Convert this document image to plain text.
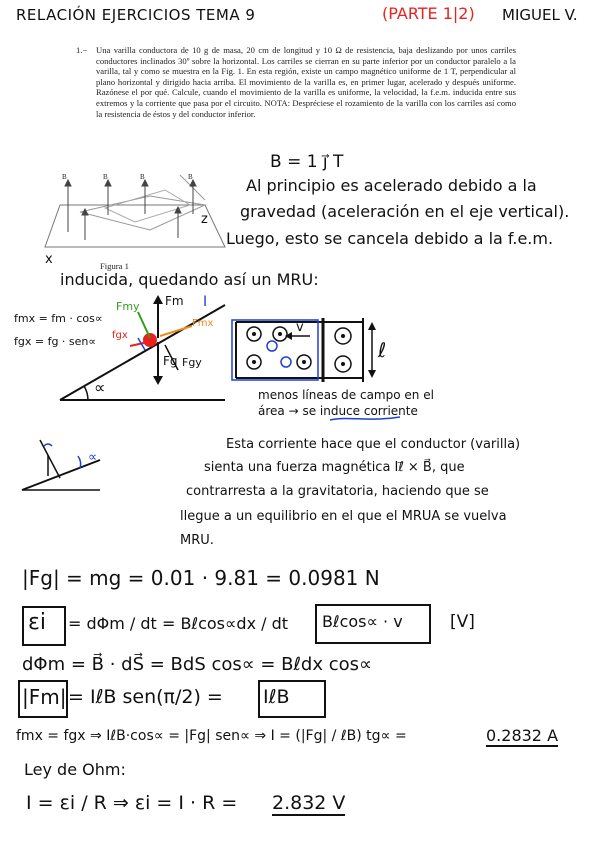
RELACIÓN EJERCICIOS TEMA 9	(PARTE 1|2) MIGUEL V.
1.− Una varilla conductora de 10 g de masa, 20 cm de longitud y 10 Ω de resistencia, baja deslizando por unos carriles conductores inclinados 30º sobre la horizontal. Los carriles se cierran en su parte inferior por un conductor paralelo a la varilla, tal y como se muestra en la Fig. 1. En esta región, existe un campo magnético uniforme de 1 T, perpendicular al plano horizontal y dirigido hacia arriba. El movimiento de la varilla es, en primer lugar, acelerado y después uniforme. Razónese el por qué. Calcule, cuando el movimiento de la varilla es uniforme, la velocidad, la f.e.m. inducida entre sus extremos y la corriente que pasa por el circuito. NOTA: Despréciese el rozamiento de la varilla con los carriles así como la resistencia de éstos y del conductor inferior.
B	B	B	B
z
x	Figura 1
B = 1 j⃗ T
Al principio es acelerado debido a la
gravedad (aceleración en el eje vertical).
Luego, esto se cancela debido a la f.e.m.
inducida, quedando así un MRU:
fmx = fm · cos∝
fgx = fg · sen∝
Fmy Fm I
fgx
Fmx
Fg Fgy
∝
v
ℓ
menos líneas de campo en el
área → se induce corriente
∝
Esta corriente hace que el conductor (varilla)
sienta una fuerza magnética Iℓ⃗ × B⃗, que
contrarresta a la gravitatoria, haciendo que se
llegue a un equilibrio en el que el MRUA se vuelva
MRU.
|Fg| = mg = 0.01 · 9.81 = 0.0981 N
εi = dΦm / dt = Bℓcos∝dx / dt Bℓcos∝ · v	[V]
dΦm = B⃗ · dS⃗ = BdS cos∝ = Bℓdx cos∝
|Fm| = IℓB sen(π/2) = IℓB
fmx = fgx ⇒ IℓB·cos∝ = |Fg| sen∝ ⇒ I = (|Fg| / ℓB) tg∝ =	0.2832 A
Ley de Ohm:
I = εi / R ⇒ εi = I · R = 2.832 V
